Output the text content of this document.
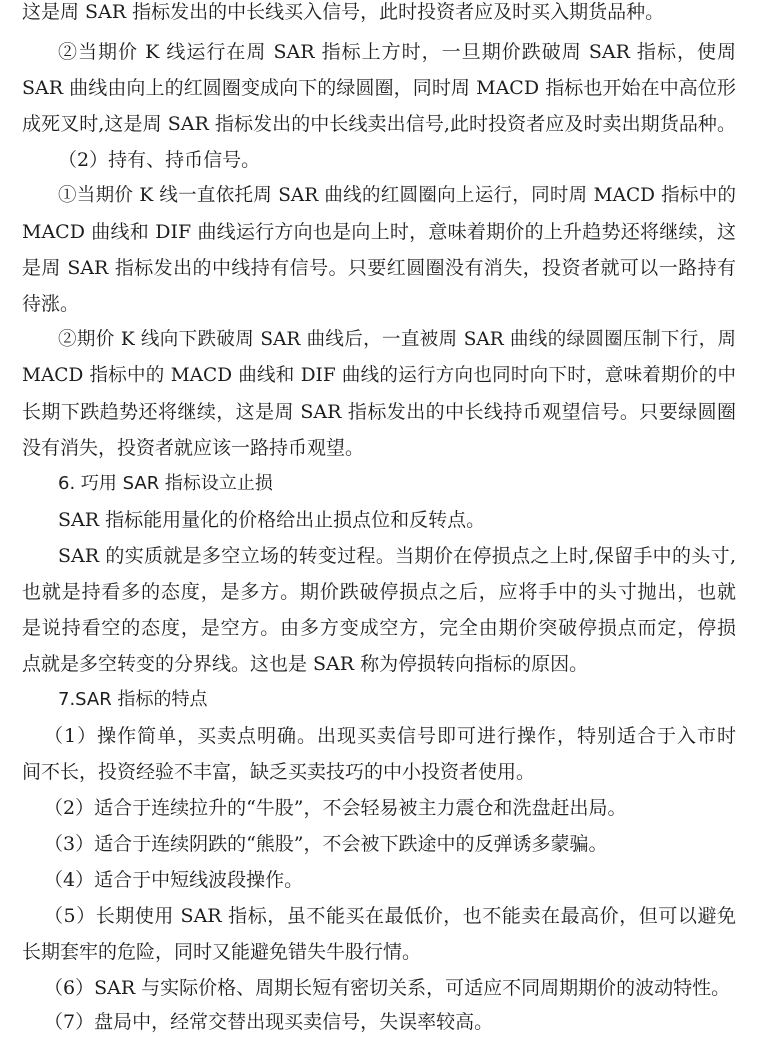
这是周 SAR 指标发出的中长线买入信号，此时投资者应及时买入期货品种。
②当期价 K 线运行在周 SAR 指标上方时，一旦期价跌破周 SAR 指标，使周
SAR 曲线由向上的红圆圈变成向下的绿圆圈，同时周 MACD 指标也开始在中高位形
成死叉时,这是周 SAR 指标发出的中长线卖出信号,此时投资者应及时卖出期货品种。
（2）持有、持币信号。
①当期价 K 线一直依托周 SAR 曲线的红圆圈向上运行，同时周 MACD 指标中的
MACD 曲线和 DIF 曲线运行方向也是向上时，意味着期价的上升趋势还将继续，这
是周 SAR 指标发出的中线持有信号。只要红圆圈没有消失，投资者就可以一路持有
待涨。
②期价 K 线向下跌破周 SAR 曲线后，一直被周 SAR 曲线的绿圆圈压制下行，周
MACD 指标中的 MACD 曲线和 DIF 曲线的运行方向也同时向下时，意味着期价的中
长期下跌趋势还将继续，这是周 SAR 指标发出的中长线持币观望信号。只要绿圆圈
没有消失，投资者就应该一路持币观望。
6. 巧用 SAR 指标设立止损
SAR 指标能用量化的价格给出止损点位和反转点。
SAR 的实质就是多空立场的转变过程。当期价在停损点之上时,保留手中的头寸,
也就是持看多的态度，是多方。期价跌破停损点之后，应将手中的头寸抛出，也就
是说持看空的态度，是空方。由多方变成空方，完全由期价突破停损点而定，停损
点就是多空转变的分界线。这也是 SAR 称为停损转向指标的原因。
7.SAR 指标的特点
（1）操作简单，买卖点明确。出现买卖信号即可进行操作，特别适合于入市时
间不长，投资经验不丰富，缺乏买卖技巧的中小投资者使用。
（2）适合于连续拉升的“牛股”，不会轻易被主力震仓和洗盘赶出局。
（3）适合于连续阴跌的“熊股”，不会被下跌途中的反弹诱多蒙骗。
（4）适合于中短线波段操作。
（5）长期使用 SAR 指标，虽不能买在最低价，也不能卖在最高价，但可以避免
长期套牢的危险，同时又能避免错失牛股行情。
（6）SAR 与实际价格、周期长短有密切关系，可适应不同周期期价的波动特性。
（7）盘局中，经常交替出现买卖信号，失误率较高。
